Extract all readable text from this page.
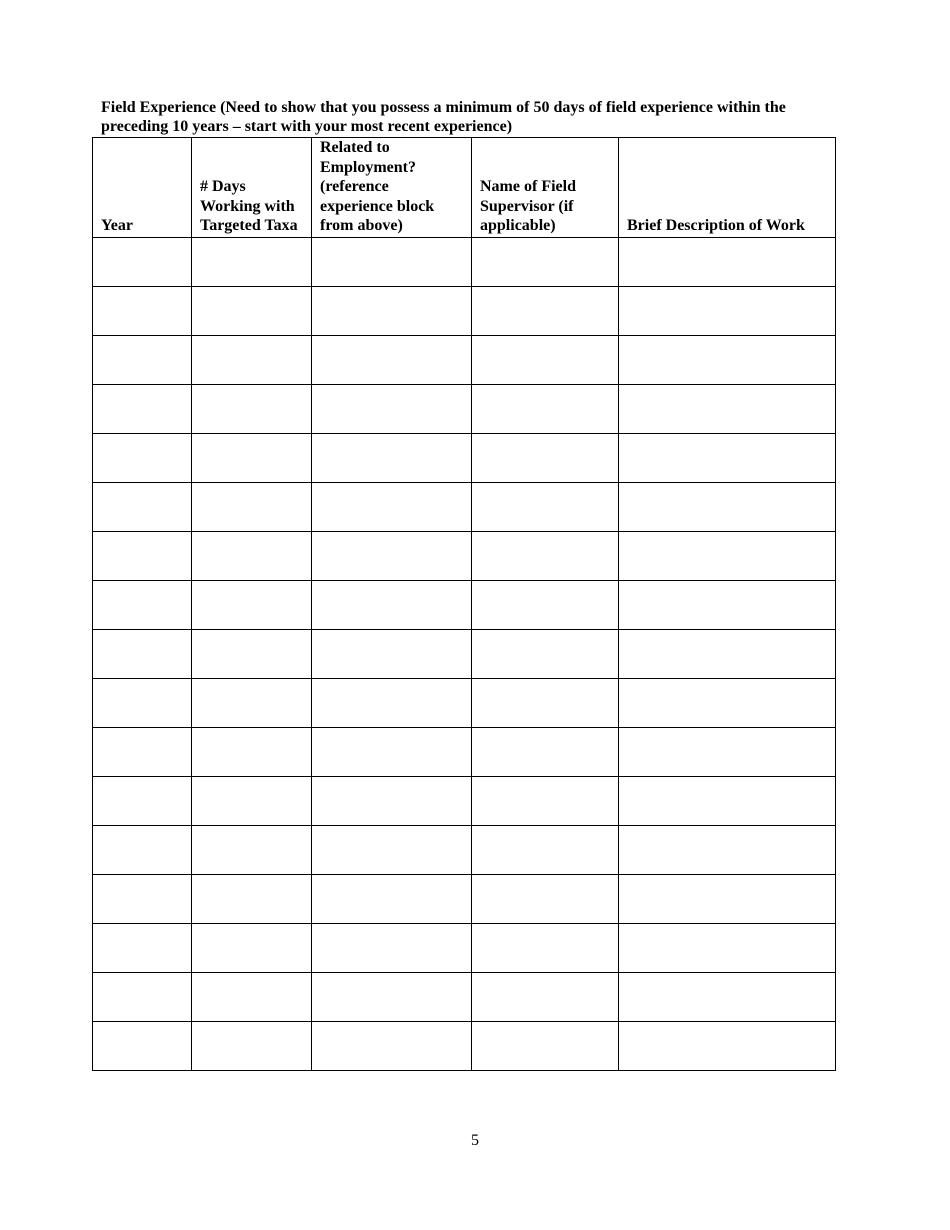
Field Experience (Need to show that you possess a minimum of 50 days of field experience within the preceding 10 years – start with your most recent experience)

Year	# Days Working with Targeted Taxa	Related to Employment? (reference experience block from above)	Name of Field Supervisor (if applicable)	Brief Description of Work

5
